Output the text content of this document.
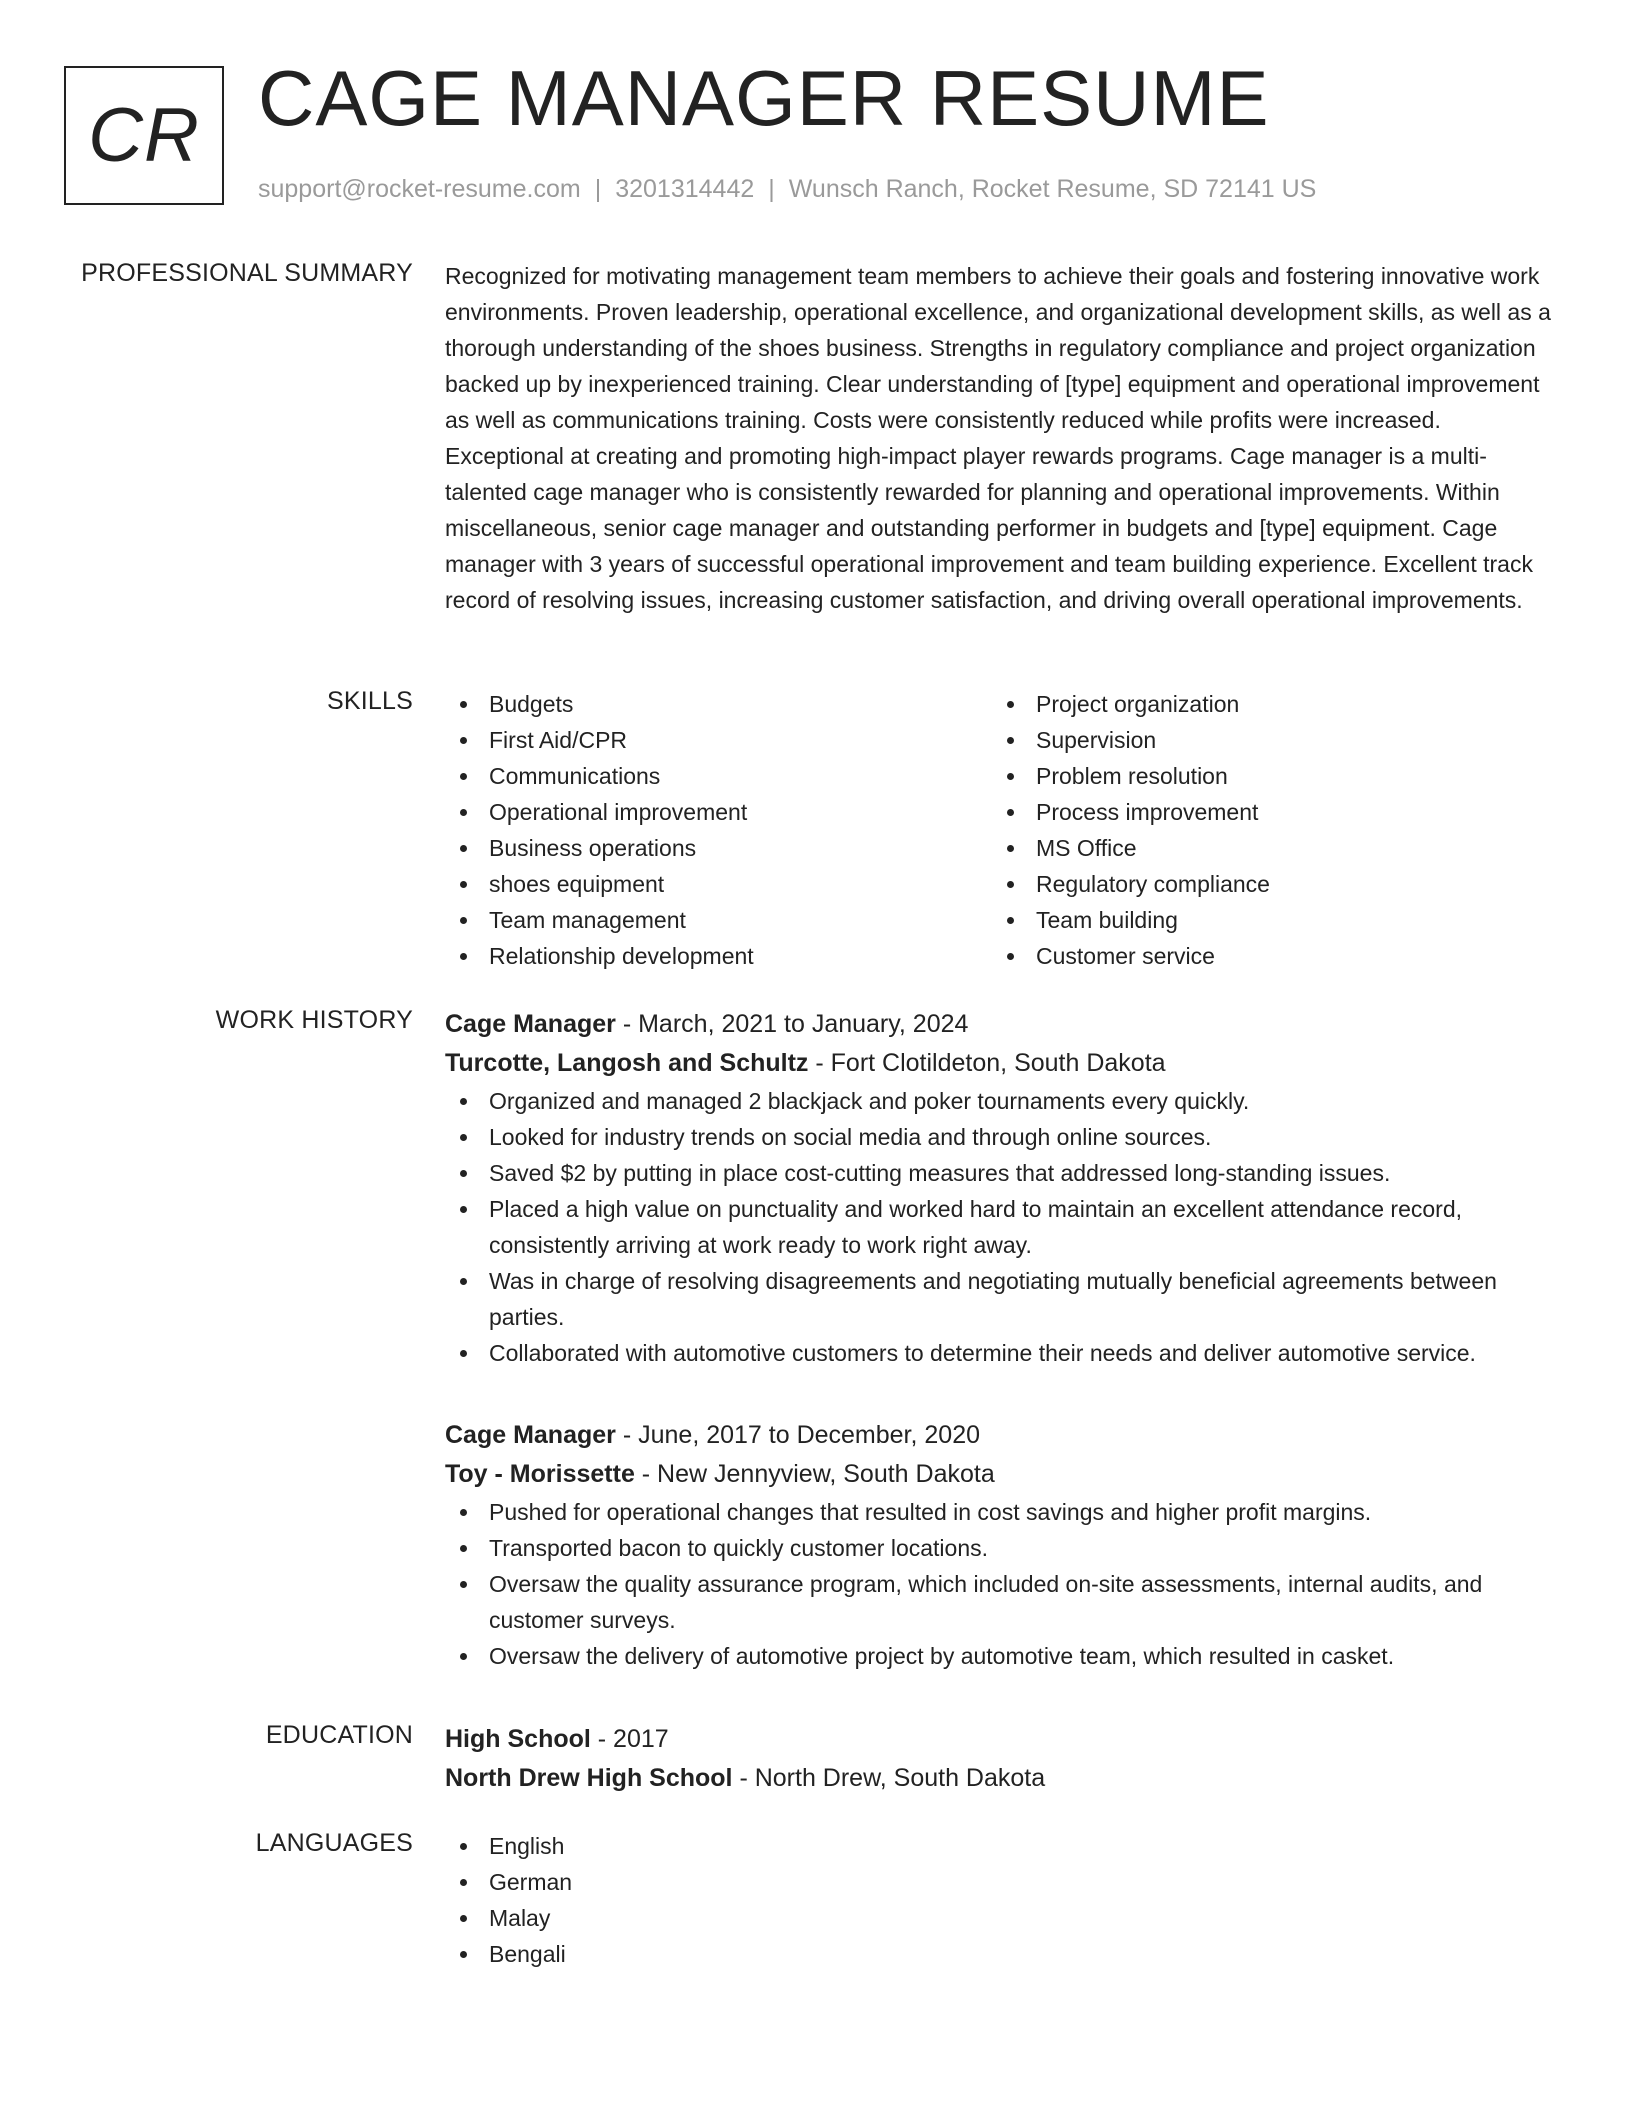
CR CAGE MANAGER RESUME
support@rocket-resume.com | 3201314442 | Wunsch Ranch, Rocket Resume, SD 72141 US
PROFESSIONAL SUMMARY Recognized for motivating management team members to achieve their goals and fostering innovative work environments. Proven leadership, operational excellence, and organizational development skills, as well as a thorough understanding of the shoes business. Strengths in regulatory compliance and project organization backed up by inexperienced training. Clear understanding of [type] equipment and operational improvement as well as communications training. Costs were consistently reduced while profits were increased. Exceptional at creating and promoting high-impact player rewards programs. Cage manager is a multi-talented cage manager who is consistently rewarded for planning and operational improvements. Within miscellaneous, senior cage manager and outstanding performer in budgets and [type] equipment. Cage manager with 3 years of successful operational improvement and team building experience. Excellent track record of resolving issues, increasing customer satisfaction, and driving overall operational improvements.

SKILLS	Budgets
First Aid/CPR
Communications
Operational improvement
Business operations
shoes equipment
Team management
Relationship development
Project organization
Supervision
Problem resolution
Process improvement
MS Office
Regulatory compliance
Team building
Customer service
WORK HISTORY Cage Manager - March, 2021 to January, 2024
Turcotte, Langosh and Schultz - Fort Clotildeton, South Dakota
Organized and managed 2 blackjack and poker tournaments every quickly.
Looked for industry trends on social media and through online sources.
Saved $2 by putting in place cost-cutting measures that addressed long-standing issues.
Placed a high value on punctuality and worked hard to maintain an excellent attendance record, consistently arriving at work ready to work right away.
Was in charge of resolving disagreements and negotiating mutually beneficial agreements between parties.
Collaborated with automotive customers to determine their needs and deliver automotive service.
Cage Manager - June, 2017 to December, 2020
Toy - Morissette - New Jennyview, South Dakota
Pushed for operational changes that resulted in cost savings and higher profit margins.
Transported bacon to quickly customer locations.
Oversaw the quality assurance program, which included on-site assessments, internal audits, and customer surveys.
Oversaw the delivery of automotive project by automotive team, which resulted in casket.
EDUCATION High School - 2017
North Drew High School - North Drew, South Dakota
LANGUAGES	English
German
Malay
Bengali
